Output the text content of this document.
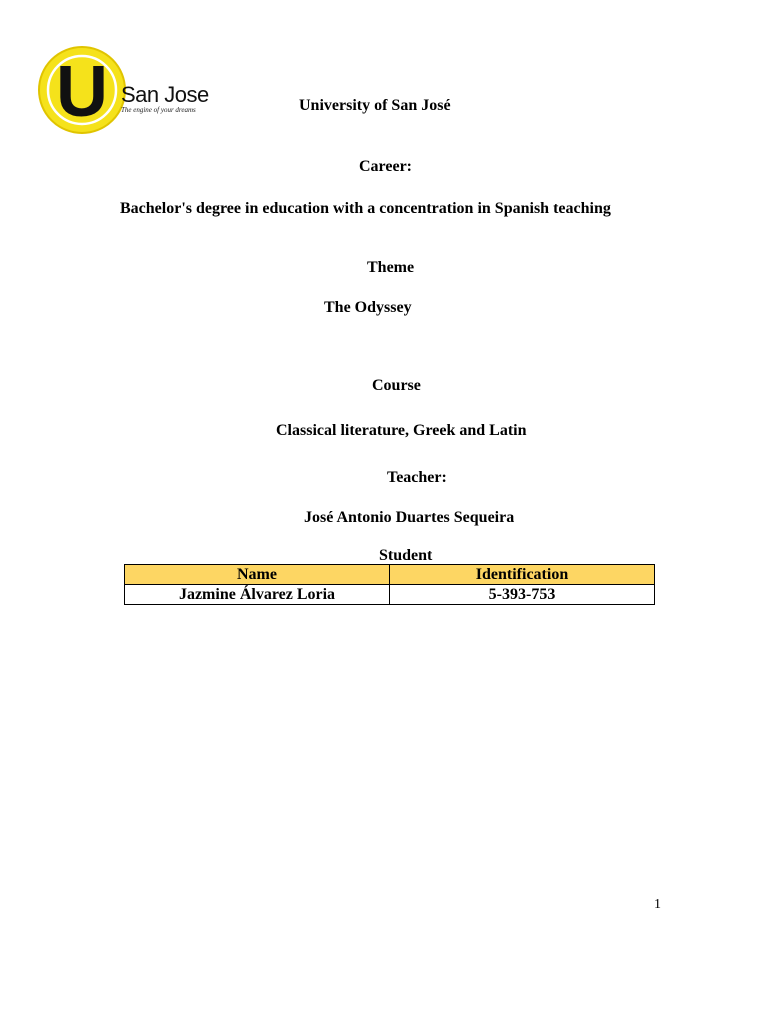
U San Jose
The engine of your dreams	University of San José
Career:
Bachelor's degree in education with a concentration in Spanish teaching
Theme
The Odyssey
Course
Classical literature, Greek and Latin
Teacher:
José Antonio Duartes Sequeira
Student
Name	Identification
Jazmine Álvarez Loria	5-393-753
1
